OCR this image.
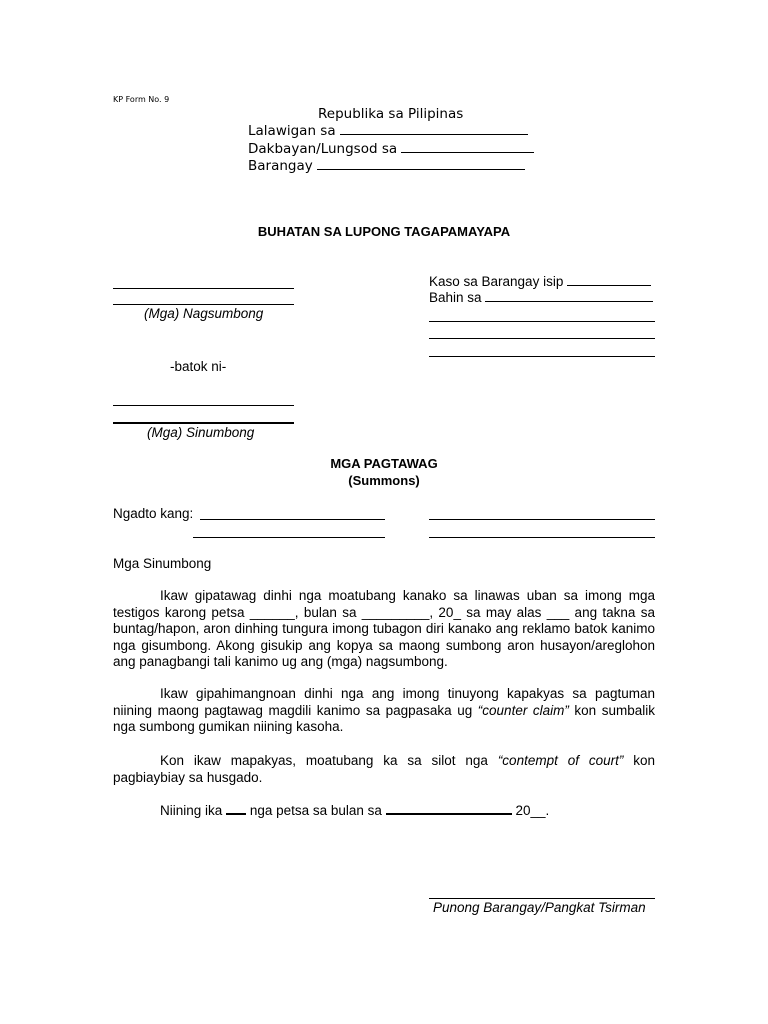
KP Form No. 9
Republika sa Pilipinas
Lalawigan sa
Dakbayan/Lungsod sa
Barangay
BUHATAN SA LUPONG TAGAPAMAYAPA
(Mga) Nagsumbong
Kaso sa Barangay isip
Bahin sa
-batok ni-
(Mga) Sinumbong
MGA PAGTAWAG
(Summons)
Ngadto kang:
Mga Sinumbong
Ikaw gipatawag dinhi nga moatubang kanako sa linawas uban sa imong mga testigos karong petsa ______, bulan sa _________, 20_ sa may alas ___ ang takna sa buntag/hapon, aron dinhing tungura imong tubagon diri kanako ang reklamo batok kanimo nga gisumbong. Akong gisukip ang kopya sa maong sumbong aron husayon/areglohon ang panagbangi tali kanimo ug ang (mga) nagsumbong.
Ikaw gipahimangnoan dinhi nga ang imong tinuyong kapakyas sa pagtuman niining maong pagtawag magdili kanimo sa pagpasaka ug “counter claim” kon sumbalik nga sumbong gumikan niining kasoha.
Kon ikaw mapakyas, moatubang ka sa silot nga “contempt of court” kon pagbiaybiay sa husgado.
Niining ika nga petsa sa bulan sa	20__.
Punong Barangay/Pangkat Tsirman
